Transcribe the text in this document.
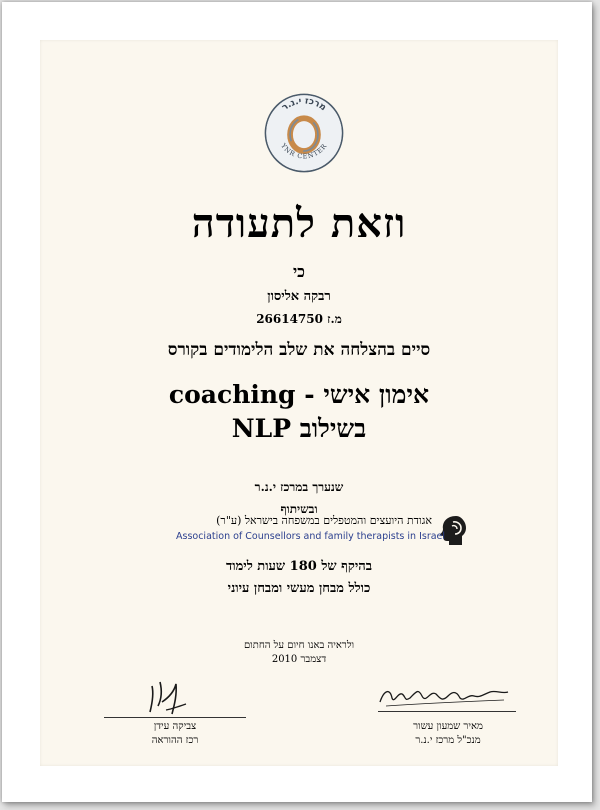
מרכז י.נ.ר
YNR CENTER
וזאת לתעודה
כי
רבקה אליסון
מ.ז 26614750
סיים בהצלחה את שלב הלימודים בקורס
אימון אישי - coaching
בשילוב NLP
שנערך במרכז י.נ.ר
ובשיתוף
אגודת היועצים והמטפלים במשפחה בישראל (ע"ר)
Association of Counsellors and family therapists in Israel
בהיקף של 180 שעות לימוד
כולל מבחן מעשי ומבחן עיוני
ולראיה באנו חיום על החתום
דצמבר 2010
צביקה עידן
רכז ההוראה
מאיר שמעון עשור
מנכ"ל מרכז י.נ.ר
